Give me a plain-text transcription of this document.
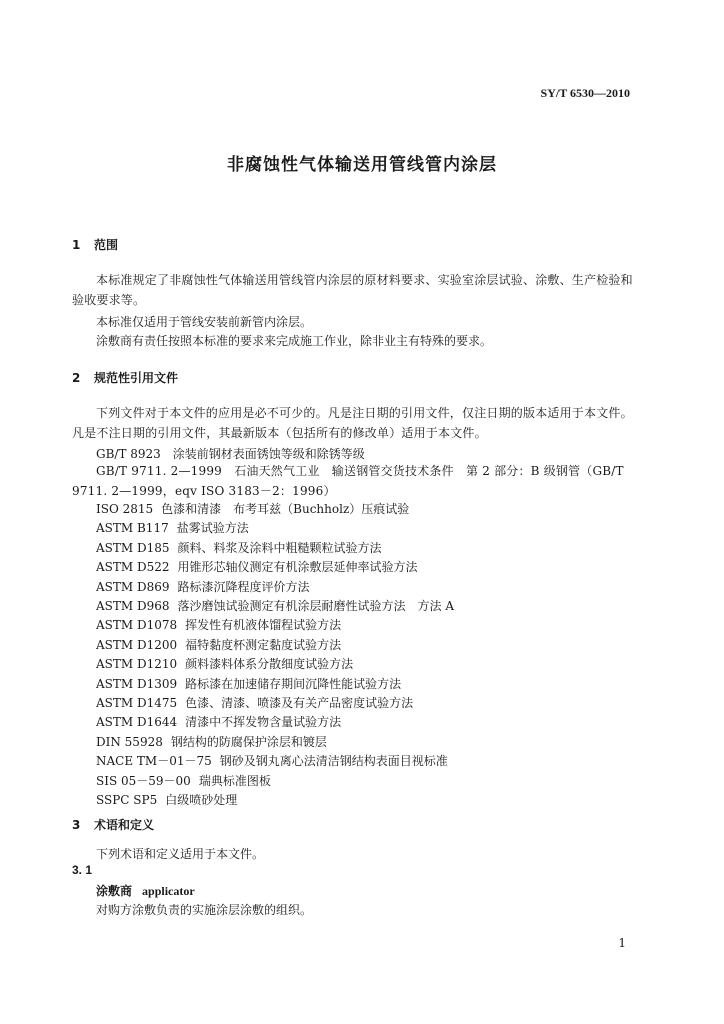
SY/T 6530—2010
非腐蚀性气体输送用管线管内涂层
1 范围
本标准规定了非腐蚀性气体输送用管线管内涂层的原材料要求、实验室涂层试验、涂敷、生产检验和验收要求等。
本标准仅适用于管线安装前新管内涂层。
涂敷商有责任按照本标准的要求来完成施工作业，除非业主有特殊的要求。
2 规范性引用文件
下列文件对于本文件的应用是必不可少的。凡是注日期的引用文件，仅注日期的版本适用于本文件。凡是不注日期的引用文件，其最新版本（包括所有的修改单）适用于本文件。
GB/T 8923　涂装前钢材表面锈蚀等级和除锈等级
GB/T 9711. 2—1999　石油天然气工业　输送钢管交货技术条件　第 2 部分：B 级钢管（GB/T 9711. 2—1999，eqv ISO 3183－2：1996）
ISO 2815 色漆和清漆　布考耳兹（Buchholz）压痕试验
ASTM B117 盐雾试验方法
ASTM D185 颜料、料浆及涂料中粗糙颗粒试验方法
ASTM D522 用锥形芯轴仪测定有机涂敷层延伸率试验方法
ASTM D869 路标漆沉降程度评价方法
ASTM D968 落沙磨蚀试验测定有机涂层耐磨性试验方法　方法 A
ASTM D1078 挥发性有机液体馏程试验方法
ASTM D1200 福特黏度杯测定黏度试验方法
ASTM D1210 颜料漆料体系分散细度试验方法
ASTM D1309 路标漆在加速储存期间沉降性能试验方法
ASTM D1475 色漆、清漆、喷漆及有关产品密度试验方法
ASTM D1644 清漆中不挥发物含量试验方法
DIN 55928 钢结构的防腐保护涂层和镀层
NACE TM－01－75 钢砂及钢丸离心法清洁钢结构表面目视标准
SIS 05－59－00 瑞典标准图板
SSPC SP5 白级喷砂处理
3 术语和定义
下列术语和定义适用于本文件。
3. 1
涂敷商 applicator
对购方涂敷负责的实施涂层涂敷的组织。
1
